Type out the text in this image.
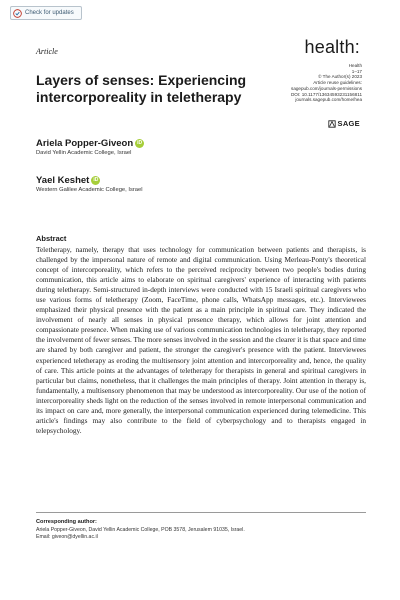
Check for updates
Article	health:
Health
1–17
© The Author(s) 2023
Article reuse guidelines:
sagepub.com/journals-permissions
DOI: 10.1177/13634593231156811
journals.sagepub.com/home/hea
SAGE
Layers of senses: Experiencing intercorporeality in teletherapy
Ariela Popper-Giveon iD
David Yellin Academic College, Israel
Yael Keshet iD
Western Galilee Academic College, Israel
Abstract

Teletherapy, namely, therapy that uses technology for communication between patients and therapists, is challenged by the impersonal nature of remote and digital communication. Using Merleau-Ponty's theoretical concept of intercorporeality, which refers to the perceived reciprocity between two people's bodies during communication, this article aims to elaborate on spiritual caregivers' experience of interacting with patients during teletherapy. Semi-structured in-depth interviews were conducted with 15 Israeli spiritual caregivers who use various forms of teletherapy (Zoom, FaceTime, phone calls, WhatsApp messages, etc.). Interviewees emphasized their physical presence with the patient as a main principle in spiritual care. They indicated the involvement of nearly all senses in physical presence therapy, which allows for joint attention and compassionate presence. When making use of various communication technologies in teletherapy, they reported the involvement of fewer senses. The more senses involved in the session and the clearer it is that space and time are shared by both caregiver and patient, the stronger the caregiver's presence with the patient. Interviewees experienced teletherapy as eroding the multisensory joint attention and intercorporeality and, hence, the quality of care. This article points at the advantages of teletherapy for therapists in general and spiritual caregivers in particular but claims, nonetheless, that it challenges the main principles of therapy. Joint attention in therapy is, fundamentally, a multisensory phenomenon that may be understood as intercorporeality. Our use of the notion of intercorporeality sheds light on the reduction of the senses involved in remote interpersonal communication and its impact on care and, more generally, the interpersonal communication experienced during telemedicine. This article's findings may also contribute to the field of cyberpsychology and to therapists engaged in telepsychology.

Corresponding author:
Ariela Popper-Giveon, David Yellin Academic College, POB 3578, Jerusalem 91035, Israel.
Email: giveon@dyellin.ac.il
